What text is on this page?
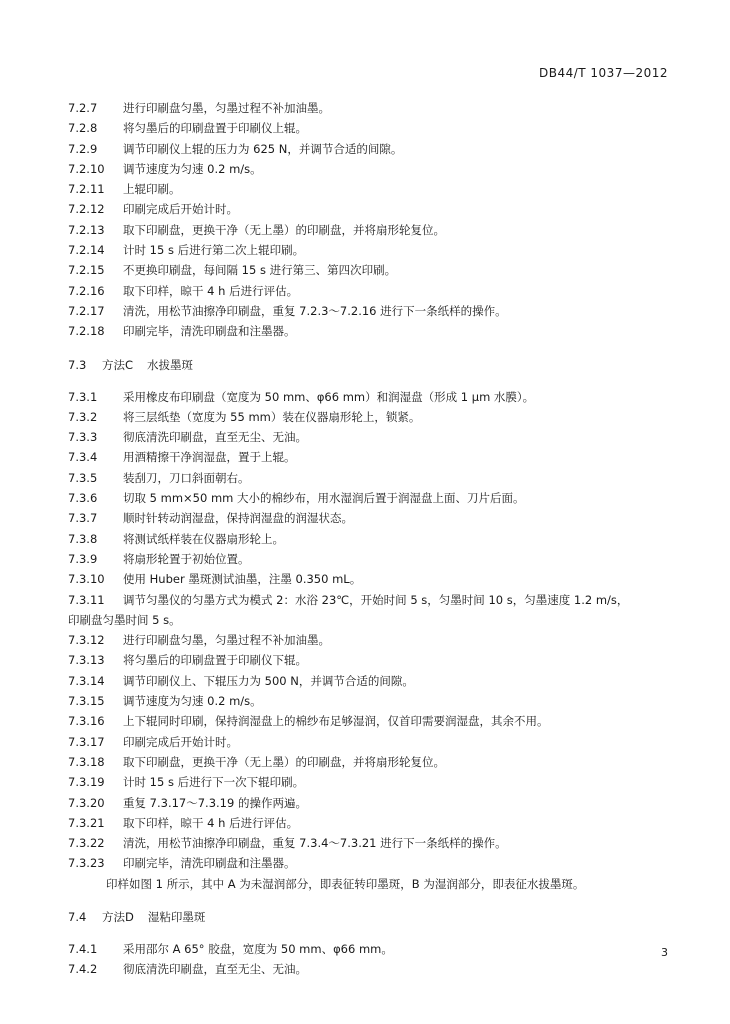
DB44/T 1037—2012
7.2.7 进行印刷盘匀墨，匀墨过程不补加油墨。
7.2.8 将匀墨后的印刷盘置于印刷仪上辊。
7.2.9 调节印刷仪上辊的压力为 625 N，并调节合适的间隙。
7.2.10 调节速度为匀速 0.2 m/s。
7.2.11 上辊印刷。
7.2.12 印刷完成后开始计时。
7.2.13 取下印刷盘，更换干净（无上墨）的印刷盘，并将扇形轮复位。
7.2.14 计时 15 s 后进行第二次上辊印刷。
7.2.15 不更换印刷盘，每间隔 15 s 进行第三、第四次印刷。
7.2.16 取下印样，晾干 4 h 后进行评估。
7.2.17 清洗，用松节油擦净印刷盘，重复 7.2.3～7.2.16 进行下一条纸样的操作。
7.2.18 印刷完毕，清洗印刷盘和注墨器。
7.3 方法C 水拔墨斑
7.3.1 采用橡皮布印刷盘（宽度为 50 mm、φ66 mm）和润湿盘（形成 1 μm 水膜）。
7.3.2 将三层纸垫（宽度为 55 mm）装在仪器扇形轮上，锁紧。
7.3.3 彻底清洗印刷盘，直至无尘、无油。
7.3.4 用酒精擦干净润湿盘，置于上辊。
7.3.5 装刮刀，刀口斜面朝右。
7.3.6 切取 5 mm×50 mm 大小的棉纱布，用水湿润后置于润湿盘上面、刀片后面。
7.3.7 顺时针转动润湿盘，保持润湿盘的润湿状态。
7.3.8 将测试纸样装在仪器扇形轮上。
7.3.9 将扇形轮置于初始位置。
7.3.10 使用 Huber 墨斑测试油墨，注墨 0.350 mL。
7.3.11 调节匀墨仪的匀墨方式为模式 2：水浴 23℃，开始时间 5 s，匀墨时间 10 s，匀墨速度 1.2 m/s，
印刷盘匀墨时间 5 s。
7.3.12 进行印刷盘匀墨，匀墨过程不补加油墨。
7.3.13 将匀墨后的印刷盘置于印刷仪下辊。
7.3.14 调节印刷仪上、下辊压力为 500 N，并调节合适的间隙。
7.3.15 调节速度为匀速 0.2 m/s。
7.3.16 上下辊同时印刷，保持润湿盘上的棉纱布足够湿润，仅首印需要润湿盘，其余不用。
7.3.17 印刷完成后开始计时。
7.3.18 取下印刷盘，更换干净（无上墨）的印刷盘，并将扇形轮复位。
7.3.19 计时 15 s 后进行下一次下辊印刷。
7.3.20 重复 7.3.17～7.3.19 的操作两遍。
7.3.21 取下印样，晾干 4 h 后进行评估。
7.3.22 清洗，用松节油擦净印刷盘，重复 7.3.4～7.3.21 进行下一条纸样的操作。
7.3.23 印刷完毕，清洗印刷盘和注墨器。
印样如图 1 所示，其中 A 为未湿润部分，即表征转印墨斑，B 为湿润部分，即表征水拔墨斑。
7.4 方法D 湿粘印墨斑
7.4.1 采用邵尔 A 65° 胶盘，宽度为 50 mm、φ66 mm。
7.4.2 彻底清洗印刷盘，直至无尘、无油。
3
